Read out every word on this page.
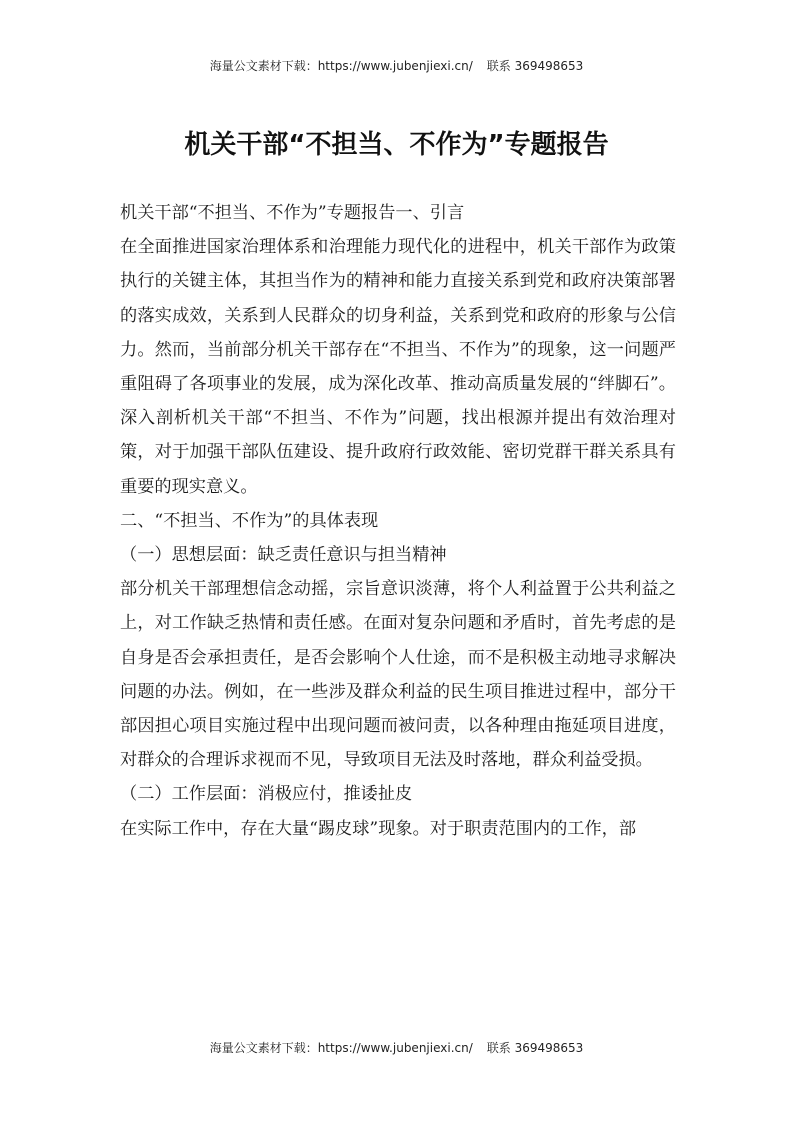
海量公文素材下载：https://www.jubenjiexi.cn/ 联系 369498653
机关干部“不担当、不作为”专题报告

机关干部“不担当、不作为”专题报告一、引言

在全面推进国家治理体系和治理能力现代化的进程中，机关干部作为政策执行的关键主体，其担当作为的精神和能力直接关系到党和政府决策部署的落实成效，关系到人民群众的切身利益，关系到党和政府的形象与公信力。然而，当前部分机关干部存在“不担当、不作为”的现象，这一问题严重阻碍了各项事业的发展，成为深化改革、推动高质量发展的“绊脚石”。深入剖析机关干部“不担当、不作为”问题，找出根源并提出有效治理对策，对于加强干部队伍建设、提升政府行政效能、密切党群干群关系具有重要的现实意义。

二、“不担当、不作为”的具体表现

（一）思想层面：缺乏责任意识与担当精神

部分机关干部理想信念动摇，宗旨意识淡薄，将个人利益置于公共利益之上，对工作缺乏热情和责任感。在面对复杂问题和矛盾时，首先考虑的是自身是否会承担责任，是否会影响个人仕途，而不是积极主动地寻求解决问题的办法。例如，在一些涉及群众利益的民生项目推进过程中，部分干部因担心项目实施过程中出现问题而被问责，以各种理由拖延项目进度，对群众的合理诉求视而不见，导致项目无法及时落地，群众利益受损。

（二）工作层面：消极应付，推诿扯皮

在实际工作中，存在大量“踢皮球”现象。对于职责范围内的工作，部

海量公文素材下载：https://www.jubenjiexi.cn/ 联系 369498653
